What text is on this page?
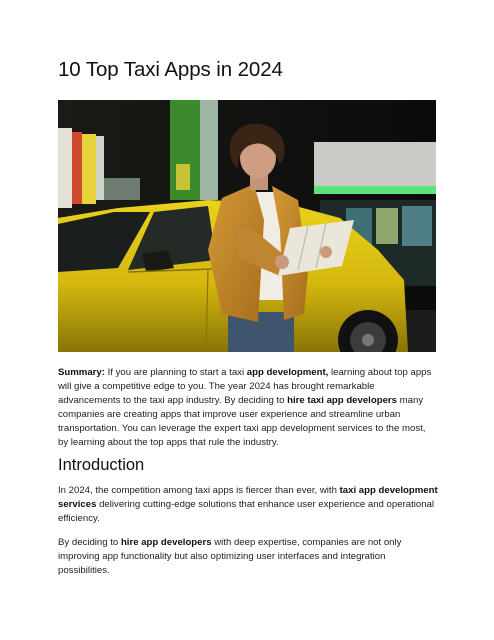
10 Top Taxi Apps in 2024

Summary: If you are planning to start a taxi app development, learning about top apps will give a competitive edge to you. The year 2024 has brought remarkable advancements to the taxi app industry. By deciding to hire taxi app developers many companies are creating apps that improve user experience and streamline urban transportation. You can leverage the expert taxi app development services to the most, by learning about the top apps that rule the industry.

Introduction

In 2024, the competition among taxi apps is fiercer than ever, with taxi app development services delivering cutting-edge solutions that enhance user experience and operational efficiency.

By deciding to hire app developers with deep expertise, companies are not only improving app functionality but also optimizing user interfaces and integration possibilities.
